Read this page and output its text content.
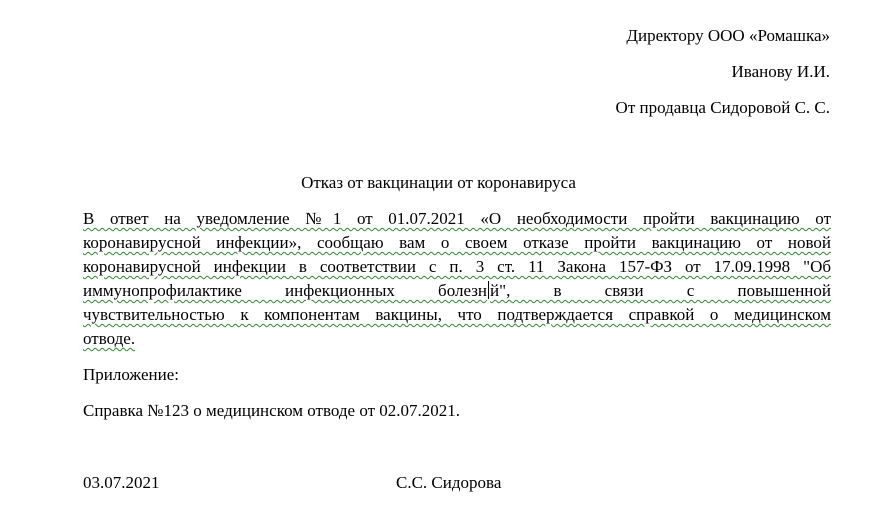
Директору ООО «Ромашка»
Иванову И.И.
От продавца Сидоровой С. С.
Отказ от вакцинации от коронавируса
В ответ на уведомление №1 от 01.07.2021 «О необходимости пройти вакцинацию от
коронавирусной инфекции», сообщаю вам о своем отказе пройти вакцинацию от новой
коронавирусной инфекции в соответствии с п. 3 ст. 11 Закона 157-ФЗ от 17.09.1998 "Об
иммунопрофилактике инфекционных болезн й", в связи с повышенной
чувствительностью к компонентам вакцины, что подтверждается справкой о медицинском
отводе.
Приложение:
Справка №123 о медицинском отводе от 02.07.2021.
03.07.2021	С.С. Сидорова
